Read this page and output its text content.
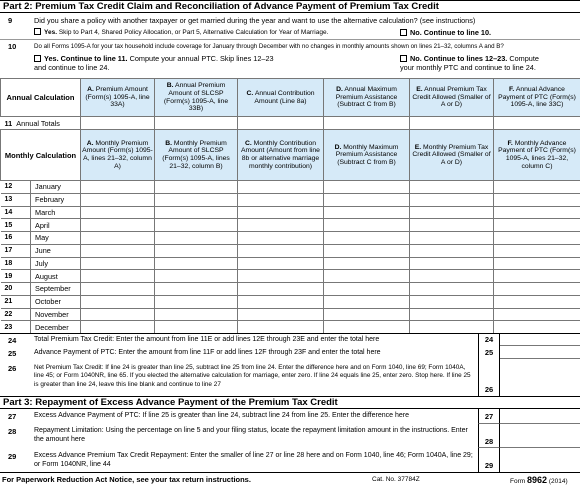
Part 2: Premium Tax Credit Claim and Reconciliation of Advance Payment of Premium Tax Credit
9	Did you share a policy with another taxpayer or get married during the year and want to use the alternative calculation? (see instructions)
Yes. Skip to Part 4, Shared Policy Allocation, or Part 5, Alternative Calculation for Year of Marriage.	No. Continue to line 10.
10	Do all Forms 1095-A for your tax household include coverage for January through December with no changes in monthly amounts shown on lines 21–32, columns A and B?
Yes. Continue to line 11. Compute your annual PTC. Skip lines 12–23
and continue to line 24.
No. Continue to lines 12–23. Compute
your monthly PTC and continue to line 24.
Annual Calculation	A. Premium Amount (Form(s) 1095-A, line 33A)	B. Annual Premium Amount of SLCSP (Form(s) 1095-A, line 33B)	C. Annual Contribution Amount (Line 8a)	D. Annual Maximum Premium Assistance (Subtract C from B)	E. Annual Premium Tax Credit Allowed (Smaller of A or D)	F. Annual Advance Payment of PTC (Form(s) 1095-A, line 33C)
11 Annual Totals						
Monthly Calculation		A. Monthly Premium Amount (Form(s) 1095-A, lines 21–32, column A)	B. Monthly Premium Amount of SLCSP (Form(s) 1095-A, lines 21–32, column B)	C. Monthly Contribution Amount (Amount from line 8b or alternative marriage monthly contribution)	D. Monthly Maximum Premium Assistance (Subtract C from B)	E. Monthly Premium Tax Credit Allowed (Smaller of A or D)	F. Monthly Advance Payment of PTC (Form(s) 1095-A, lines 21–32, column C)
12	January						
13	February						
14	March						
15	April						
16	May						
17	June						
18	July						
19	August						
20	September						
21	October						
22	November						
23	December						
24	Total Premium Tax Credit: Enter the amount from line 11E or add lines 12E through 23E and enter the total here	24
25	Advance Payment of PTC: Enter the amount from line 11F or add lines 12F through 23F and enter the total here	25
26	Net Premium Tax Credit: If line 24 is greater than line 25, subtract line 25 from line 24. Enter the difference here and on Form 1040, line 69; Form 1040A, line 45; or Form 1040NR, line 65. If you elected the alternative calculation for marriage, enter zero. If line 24 equals line 25, enter zero. Stop here. If line 25 is greater than line 24, leave this line blank and continue to line 27
26
Part 3: Repayment of Excess Advance Payment of the Premium Tax Credit
27	Excess Advance Payment of PTC: If line 25 is greater than line 24, subtract line 24 from line 25. Enter the difference here	27
28	Repayment Limitation: Using the percentage on line 5 and your filing status, locate the repayment limitation amount in the instructions. Enter the amount here	28
29	Excess Advance Premium Tax Credit Repayment: Enter the smaller of line 27 or line 28 here and on Form 1040, line 46; Form 1040A, line 29; or Form 1040NR, line 44	29
For Paperwork Reduction Act Notice, see your tax return instructions.	Cat. No. 37784Z	Form 8962 (2014)
